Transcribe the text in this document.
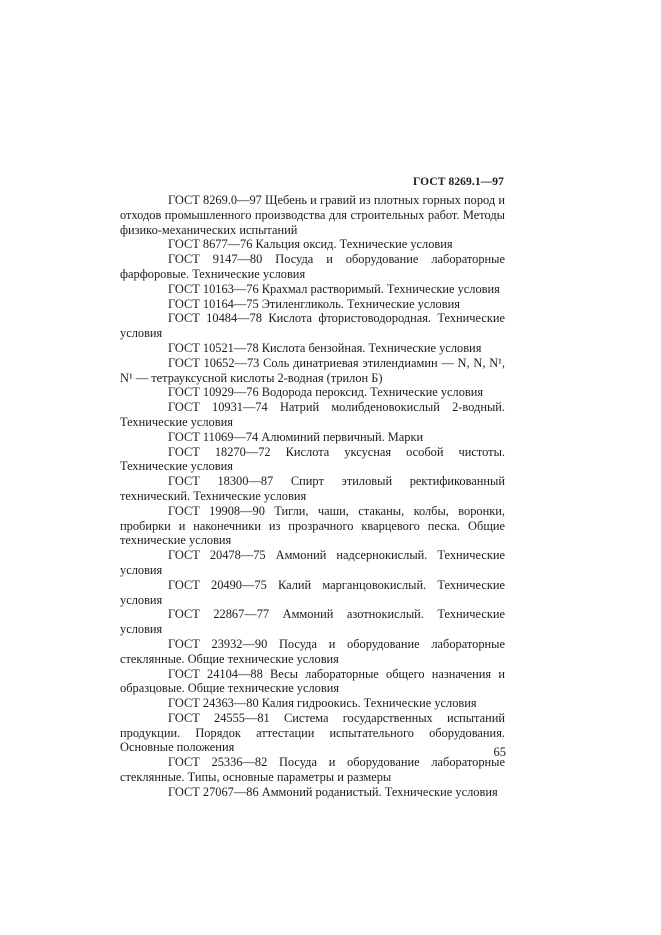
ГОСТ 8269.1—97

ГОСТ 8269.0—97 Щебень и гравий из плотных горных пород и отходов промышленного производства для строительных работ. Методы физико-механических испытаний

ГОСТ 8677—76 Кальция оксид. Технические условия

ГОСТ 9147—80 Посуда и оборудование лабораторные фарфоровые. Технические условия

ГОСТ 10163—76 Крахмал растворимый. Технические условия

ГОСТ 10164—75 Этиленгликоль. Технические условия

ГОСТ 10484—78 Кислота фтористоводородная. Технические условия

ГОСТ 10521—78 Кислота бензойная. Технические условия

ГОСТ 10652—73 Соль динатриевая этилендиамин — N, N, N¹, N¹ — тетрауксусной кислоты 2-водная (трилон Б)

ГОСТ 10929—76 Водорода пероксид. Технические условия

ГОСТ 10931—74 Натрий молибденовокислый 2-водный. Технические условия

ГОСТ 11069—74 Алюминий первичный. Марки

ГОСТ 18270—72 Кислота уксусная особой чистоты. Технические условия

ГОСТ 18300—87 Спирт этиловый ректификованный технический. Технические условия

ГОСТ 19908—90 Тигли, чаши, стаканы, колбы, воронки, пробирки и наконечники из прозрачного кварцевого песка. Общие технические условия

ГОСТ 20478—75 Аммоний надсернокислый. Технические условия

ГОСТ 20490—75 Калий марганцовокислый. Технические условия

ГОСТ 22867—77 Аммоний азотнокислый. Технические условия

ГОСТ 23932—90 Посуда и оборудование лабораторные стеклянные. Общие технические условия

ГОСТ 24104—88 Весы лабораторные общего назначения и образцовые. Общие технические условия

ГОСТ 24363—80 Калия гидроокись. Технические условия

ГОСТ 24555—81 Система государственных испытаний продукции. Порядок аттестации испытательного оборудования. Основные положения

ГОСТ 25336—82 Посуда и оборудование лабораторные стеклянные. Типы, основные параметры и размеры

ГОСТ 27067—86 Аммоний роданистый. Технические условия

65
